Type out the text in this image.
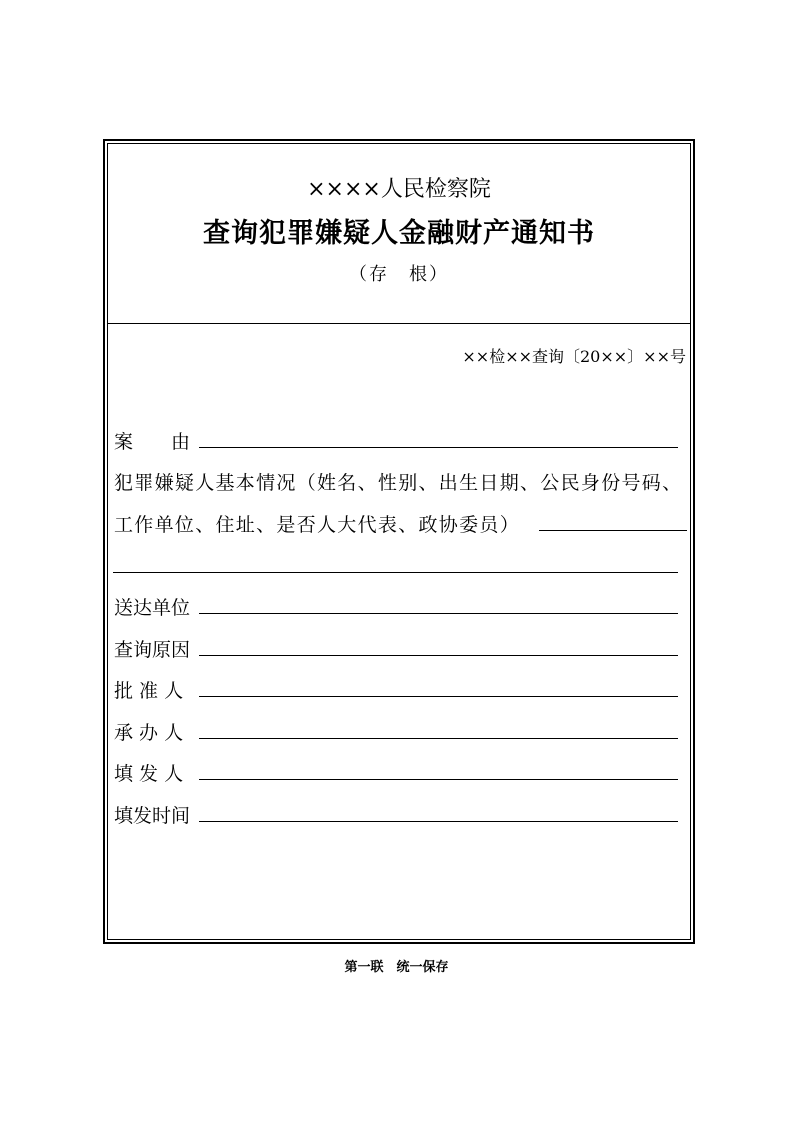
××××人民检察院
查询犯罪嫌疑人金融财产通知书
（存　根）
××检××查询〔20××〕××号
案　　由
犯罪嫌疑人基本情况（姓名、性别、出生日期、公民身份号码、
工作单位、住址、是否人大代表、政协委员）
送达单位
查询原因
批 准 人
承 办 人
填 发 人
填发时间
第一联　统一保存
